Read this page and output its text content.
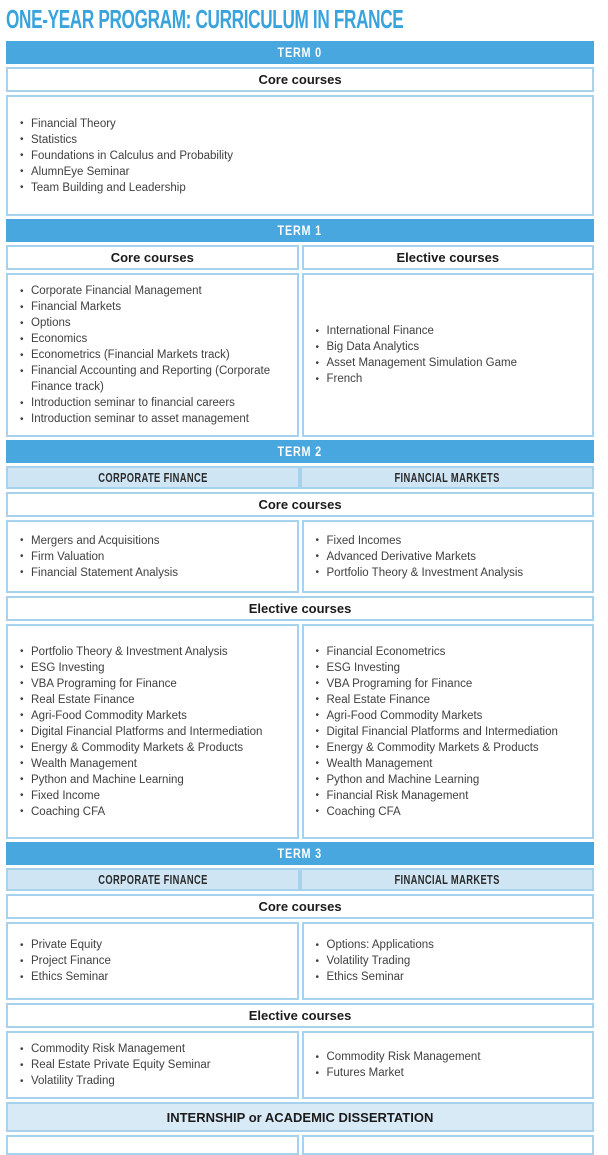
ONE-YEAR PROGRAM: CURRICULUM IN FRANCE
TERM 0
Core courses
• Financial Theory
• Statistics
• Foundations in Calculus and Probability
• AlumnEye Seminar
• Team Building and Leadership
TERM 1
Core courses	Elective courses
• Corporate Financial Management
• Financial Markets
• Options
• Economics
• Econometrics (Financial Markets track)
• Financial Accounting and Reporting (Corporate Finance track)
• Introduction seminar to financial careers
• Introduction seminar to asset management
• International Finance
• Big Data Analytics
• Asset Management Simulation Game
• French
TERM 2
CORPORATE FINANCE	FINANCIAL MARKETS
Core courses
• Mergers and Acquisitions
• Firm Valuation
• Financial Statement Analysis
• Fixed Incomes
• Advanced Derivative Markets
• Portfolio Theory & Investment Analysis
Elective courses
• Portfolio Theory & Investment Analysis
• ESG Investing
• VBA Programing for Finance
• Real Estate Finance
• Agri-Food Commodity Markets
• Digital Financial Platforms and Intermediation
• Energy & Commodity Markets & Products
• Wealth Management
• Python and Machine Learning
• Fixed Income
• Coaching CFA
• Financial Econometrics
• ESG Investing
• VBA Programing for Finance
• Real Estate Finance
• Agri-Food Commodity Markets
• Digital Financial Platforms and Intermediation
• Energy & Commodity Markets & Products
• Wealth Management
• Python and Machine Learning
• Financial Risk Management
• Coaching CFA
TERM 3
CORPORATE FINANCE	FINANCIAL MARKETS
Core courses
• Private Equity
• Project Finance
• Ethics Seminar
• Options: Applications
• Volatility Trading
• Ethics Seminar
Elective courses
• Commodity Risk Management
• Real Estate Private Equity Seminar
• Volatility Trading
• Commodity Risk Management
• Futures Market
INTERNSHIP or ACADEMIC DISSERTATION
